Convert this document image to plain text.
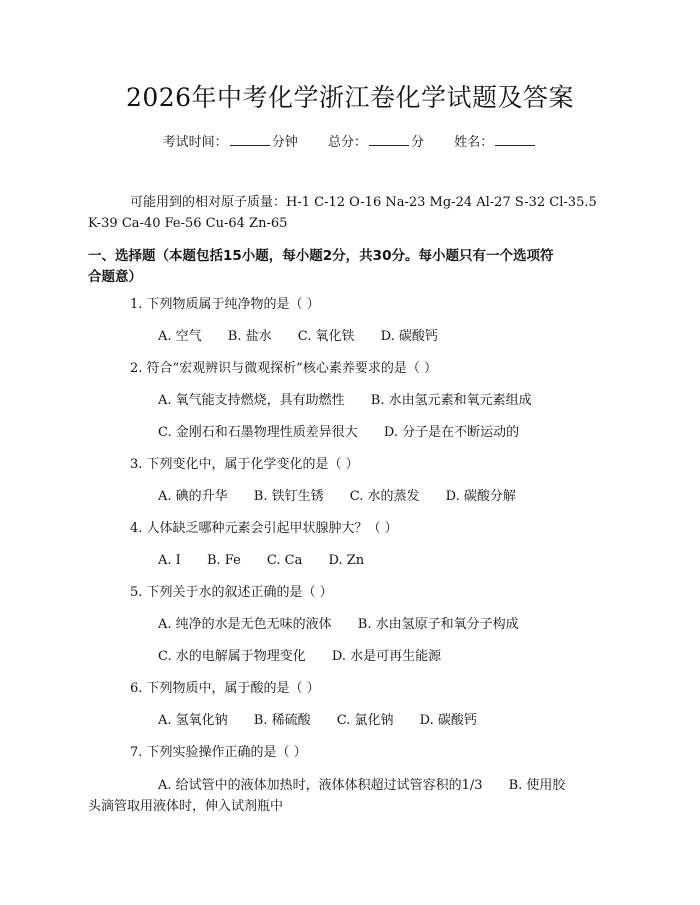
2026年中考化学浙江卷化学试题及答案
考试时间：	分钟 总分：	分 姓名：
可能用到的相对原子质量：H-1 C-12 O-16 Na-23 Mg-24 Al-27 S-32 Cl-35.5
K-39 Ca-40 Fe-56 Cu-64 Zn-65
一、选择题（本题包括15小题，每小题2分，共30分。每小题只有一个选项符
合题意）
1. 下列物质属于纯净物的是（ ）
A. 空气 B. 盐水 C. 氧化铁 D. 碳酸钙
2. 符合“宏观辨识与微观探析”核心素养要求的是（ ）
A. 氧气能支持燃烧，具有助燃性 B. 水由氢元素和氧元素组成
C. 金刚石和石墨物理性质差异很大 D. 分子是在不断运动的
3. 下列变化中，属于化学变化的是（ ）
A. 碘的升华 B. 铁钉生锈 C. 水的蒸发 D. 碳酸分解
4. 人体缺乏哪种元素会引起甲状腺肿大？（ ）
A. I B. Fe C. Ca D. Zn
5. 下列关于水的叙述正确的是（ ）
A. 纯净的水是无色无味的液体 B. 水由氢原子和氧分子构成
C. 水的电解属于物理变化 D. 水是可再生能源
6. 下列物质中，属于酸的是（ ）
A. 氢氧化钠 B. 稀硫酸 C. 氯化钠 D. 碳酸钙
7. 下列实验操作正确的是（ ）
A. 给试管中的液体加热时，液体体积超过试管容积的1/3　　B. 使用胶
头滴管取用液体时，伸入试剂瓶中
